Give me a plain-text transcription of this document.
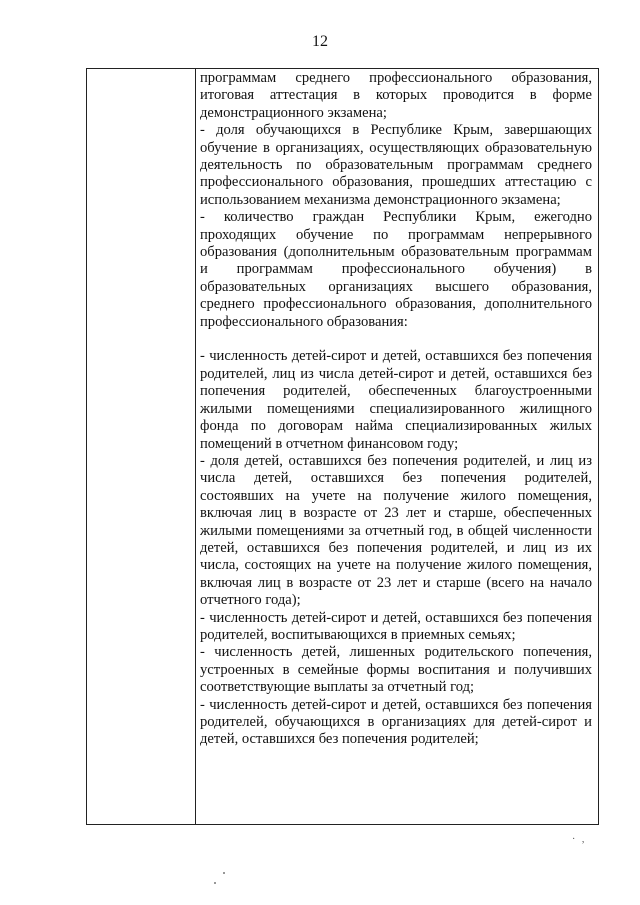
12

программам среднего профессионального образования, итоговая аттестация в которых проводится в форме демонстрационного экзамена;

- доля обучающихся в Республике Крым, завершающих обучение в организациях, осуществляющих образовательную деятельность по образовательным программам среднего профессионального образования, прошедших аттестацию с использованием механизма демонстрационного экзамена;

- количество граждан Республики Крым, ежегодно проходящих обучение по программам непрерывного образования (дополнительным образовательным программам и программам профессионального обучения) в образовательных организациях высшего образования, среднего профессионального образования, дополнительного профессионального образования:

- численность детей-сирот и детей, оставшихся без попечения родителей, лиц из числа детей-сирот и детей, оставшихся без попечения родителей, обеспеченных благоустроенными жилыми помещениями специализированного жилищного фонда по договорам найма специализированных жилых помещений в отчетном финансовом году;

- доля детей, оставшихся без попечения родителей, и лиц из числа детей, оставшихся без попечения родителей, состоявших на учете на получение жилого помещения, включая лиц в возрасте от 23 лет и старше, обеспеченных жилыми помещениями за отчетный год, в общей численности детей, оставшихся без попечения родителей, и лиц из их числа, состоящих на учете на получение жилого помещения, включая лиц в возрасте от 23 лет и старше (всего на начало отчетного года);

- численность детей-сирот и детей, оставшихся без попечения родителей, воспитывающихся в приемных семьях;

- численность детей, лишенных родительского попечения, устроенных в семейные формы воспитания и получивших соответствующие выплаты за отчетный год;

- численность детей-сирот и детей, оставшихся без попечения родителей, обучающихся в организациях для детей-сирот и детей, оставшихся без попечения родителей;

· ,
